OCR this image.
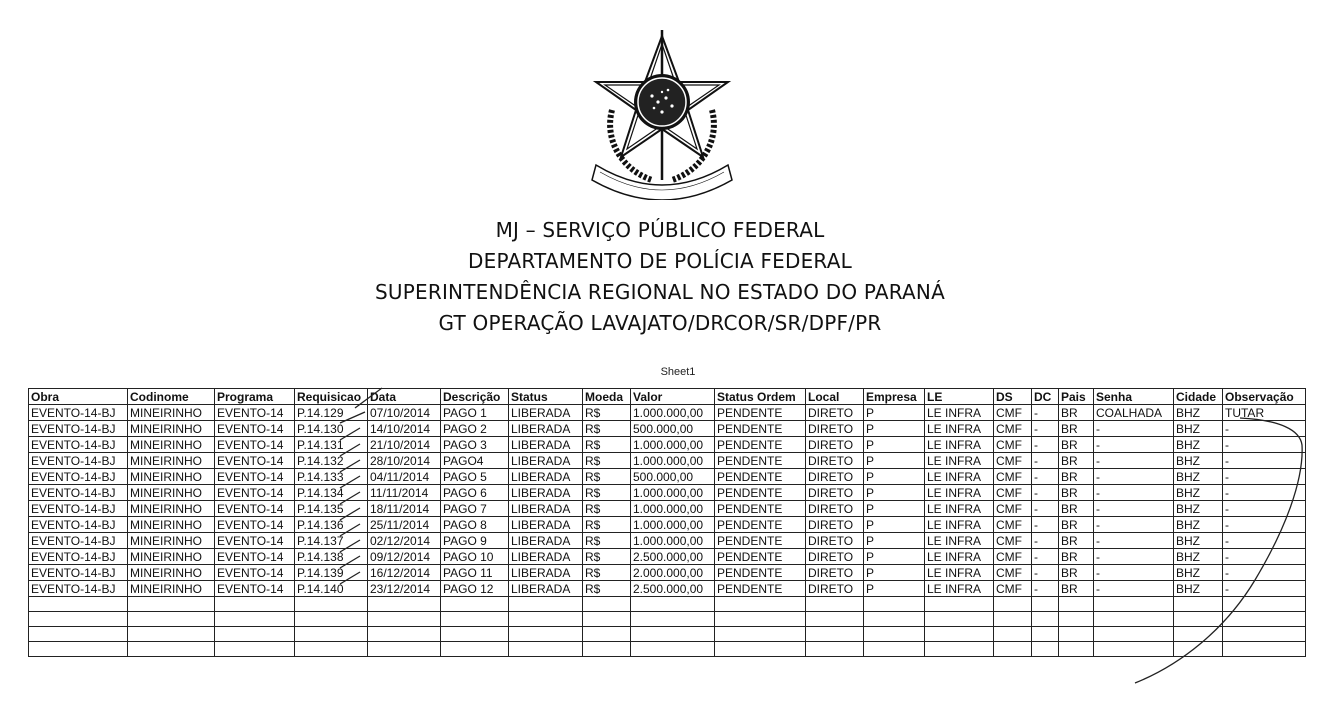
MJ – SERVIÇO PÚBLICO FEDERAL
DEPARTAMENTO DE POLÍCIA FEDERAL
SUPERINTENDÊNCIA REGIONAL NO ESTADO DO PARANÁ
GT OPERAÇÃO LAVAJATO/DRCOR/SR/DPF/PR
Sheet1
Obra	Codinome	Programa	Requisicao	Data	Descrição	Status	Moeda	Valor	Status Ordem	Local	Empresa	LE	DS	DC	Pais	Senha	Cidade	Observação
EVENTO-14-BJ	MINEIRINHO	EVENTO-14	P.14.129	07/10/2014	PAGO 1	LIBERADA	R$	1.000.000,00	PENDENTE	DIRETO	P	LE INFRA	CMF	-	BR	COALHADA	BHZ	TUTAR
EVENTO-14-BJ	MINEIRINHO	EVENTO-14	P.14.130	14/10/2014	PAGO 2	LIBERADA	R$	500.000,00	PENDENTE	DIRETO	P	LE INFRA	CMF	-	BR	-	BHZ	-
EVENTO-14-BJ	MINEIRINHO	EVENTO-14	P.14.131	21/10/2014	PAGO 3	LIBERADA	R$	1.000.000,00	PENDENTE	DIRETO	P	LE INFRA	CMF	-	BR	-	BHZ	-
EVENTO-14-BJ	MINEIRINHO	EVENTO-14	P.14.132	28/10/2014	PAGO4	LIBERADA	R$	1.000.000,00	PENDENTE	DIRETO	P	LE INFRA	CMF	-	BR	-	BHZ	-
EVENTO-14-BJ	MINEIRINHO	EVENTO-14	P.14.133	04/11/2014	PAGO 5	LIBERADA	R$	500.000,00	PENDENTE	DIRETO	P	LE INFRA	CMF	-	BR	-	BHZ	-
EVENTO-14-BJ	MINEIRINHO	EVENTO-14	P.14.134	11/11/2014	PAGO 6	LIBERADA	R$	1.000.000,00	PENDENTE	DIRETO	P	LE INFRA	CMF	-	BR	-	BHZ	-
EVENTO-14-BJ	MINEIRINHO	EVENTO-14	P.14.135	18/11/2014	PAGO 7	LIBERADA	R$	1.000.000,00	PENDENTE	DIRETO	P	LE INFRA	CMF	-	BR	-	BHZ	-
EVENTO-14-BJ	MINEIRINHO	EVENTO-14	P.14.136	25/11/2014	PAGO 8	LIBERADA	R$	1.000.000,00	PENDENTE	DIRETO	P	LE INFRA	CMF	-	BR	-	BHZ	-
EVENTO-14-BJ	MINEIRINHO	EVENTO-14	P.14.137	02/12/2014	PAGO 9	LIBERADA	R$	1.000.000,00	PENDENTE	DIRETO	P	LE INFRA	CMF	-	BR	-	BHZ	-
EVENTO-14-BJ	MINEIRINHO	EVENTO-14	P.14.138	09/12/2014	PAGO 10	LIBERADA	R$	2.500.000,00	PENDENTE	DIRETO	P	LE INFRA	CMF	-	BR	-	BHZ	-
EVENTO-14-BJ	MINEIRINHO	EVENTO-14	P.14.139	16/12/2014	PAGO 11	LIBERADA	R$	2.000.000,00	PENDENTE	DIRETO	P	LE INFRA	CMF	-	BR	-	BHZ	-
EVENTO-14-BJ	MINEIRINHO	EVENTO-14	P.14.140	23/12/2014	PAGO 12	LIBERADA	R$	2.500.000,00	PENDENTE	DIRETO	P	LE INFRA	CMF	-	BR	-	BHZ	-
